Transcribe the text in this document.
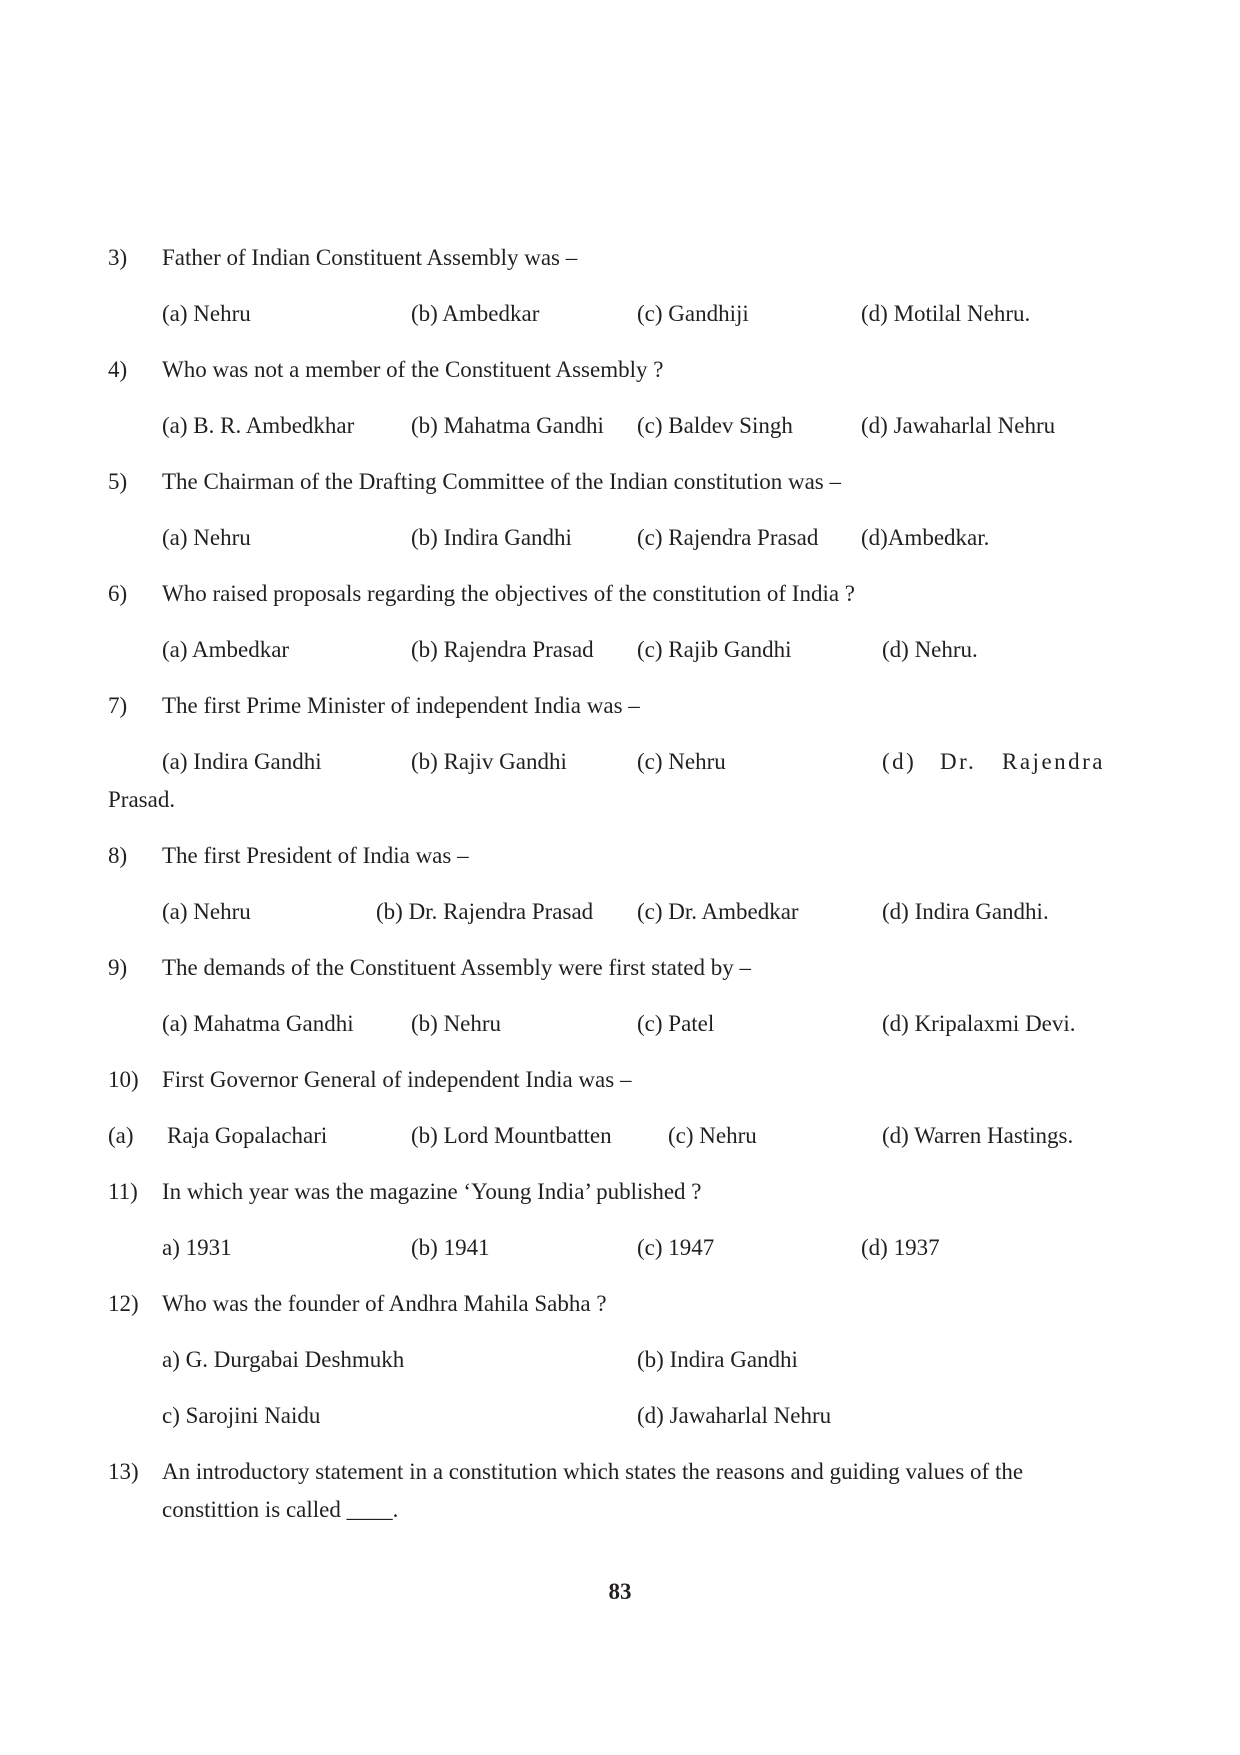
3) Father of Indian Constituent Assembly was –
(a) Nehru	(b) Ambedkar	(c) Gandhiji	(d) Motilal Nehru.
4) Who was not a member of the Constituent Assembly ?
(a) B. R. Ambedkhar (b) Mahatma Gandhi (c) Baldev Singh	(d) Jawaharlal Nehru
5) The Chairman of the Drafting Committee of the Indian constitution was –
(a) Nehru	(b) Indira Gandhi	(c) Rajendra Prasad (d)Ambedkar.
6) Who raised proposals regarding the objectives of the constitution of India ?
(a) Ambedkar	(b) Rajendra Prasad (c) Rajib Gandhi	(d) Nehru.
7) The first Prime Minister of independent India was –
(a) Indira Gandhi	(b) Rajiv Gandhi	(c) Nehru	(d) Dr. Rajendra
Prasad.
8) The first President of India was –
(a) Nehru	(b) Dr. Rajendra Prasad (c) Dr. Ambedkar	(d) Indira Gandhi.
9) The demands of the Constituent Assembly were first stated by –
(a) Mahatma Gandhi (b) Nehru	(c) Patel	(d) Kripalaxmi Devi.
10) First Governor General of independent India was –
(a) Raja Gopalachari	(b) Lord Mountbatten (c) Nehru	(d) Warren Hastings.
11) In which year was the magazine ‘Young India’ published ?
a) 1931	(b) 1941	(c) 1947	(d) 1937
12) Who was the founder of Andhra Mahila Sabha ?
a) G. Durgabai Deshmukh	(b) Indira Gandhi
c) Sarojini Naidu	(d) Jawaharlal Nehru
13) An introductory statement in a constitution which states the reasons and guiding values of the
constittion is called ____.
83
